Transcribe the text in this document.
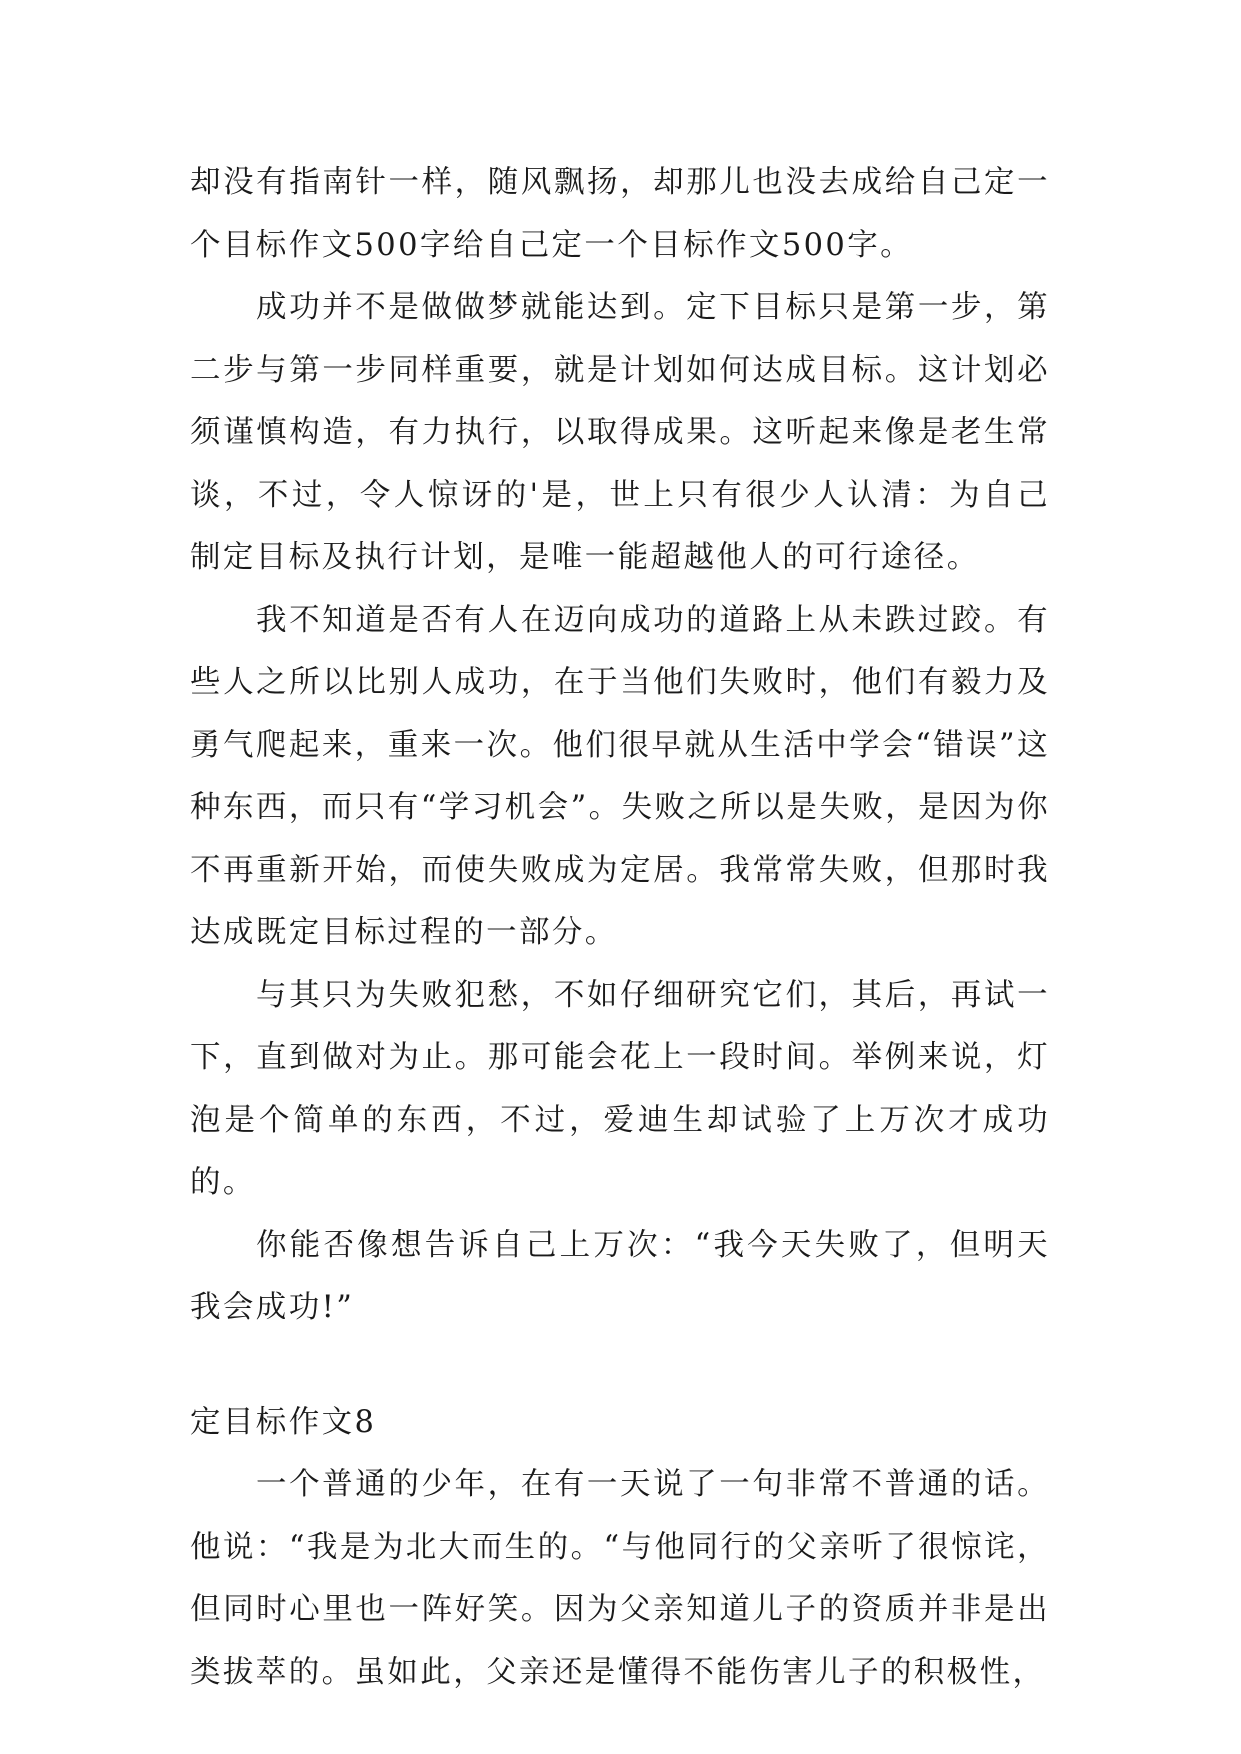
却没有指南针一样，随风飘扬，却那儿也没去成给自己定一个目标作文500字给自己定一个目标作文500字。

成功并不是做做梦就能达到。定下目标只是第一步，第二步与第一步同样重要，就是计划如何达成目标。这计划必须谨慎构造，有力执行，以取得成果。这听起来像是老生常谈，不过，令人惊讶的'是，世上只有很少人认清：为自己制定目标及执行计划，是唯一能超越他人的可行途径。

我不知道是否有人在迈向成功的道路上从未跌过跤。有些人之所以比别人成功，在于当他们失败时，他们有毅力及勇气爬起来，重来一次。他们很早就从生活中学会“错误”这种东西，而只有“学习机会”。失败之所以是失败，是因为你不再重新开始，而使失败成为定居。我常常失败，但那时我达成既定目标过程的一部分。

与其只为失败犯愁，不如仔细研究它们，其后，再试一下，直到做对为止。那可能会花上一段时间。举例来说，灯泡是个简单的东西，不过，爱迪生却试验了上万次才成功的。

你能否像想告诉自己上万次：“我今天失败了，但明天我会成功!”

定目标作文8

一个普通的少年，在有一天说了一句非常不普通的话。他说：“我是为北大而生的。“与他同行的父亲听了很惊诧，但同时心里也一阵好笑。因为父亲知道儿子的资质并非是出类拔萃的。虽如此，父亲还是懂得不能伤害儿子的积极性，
